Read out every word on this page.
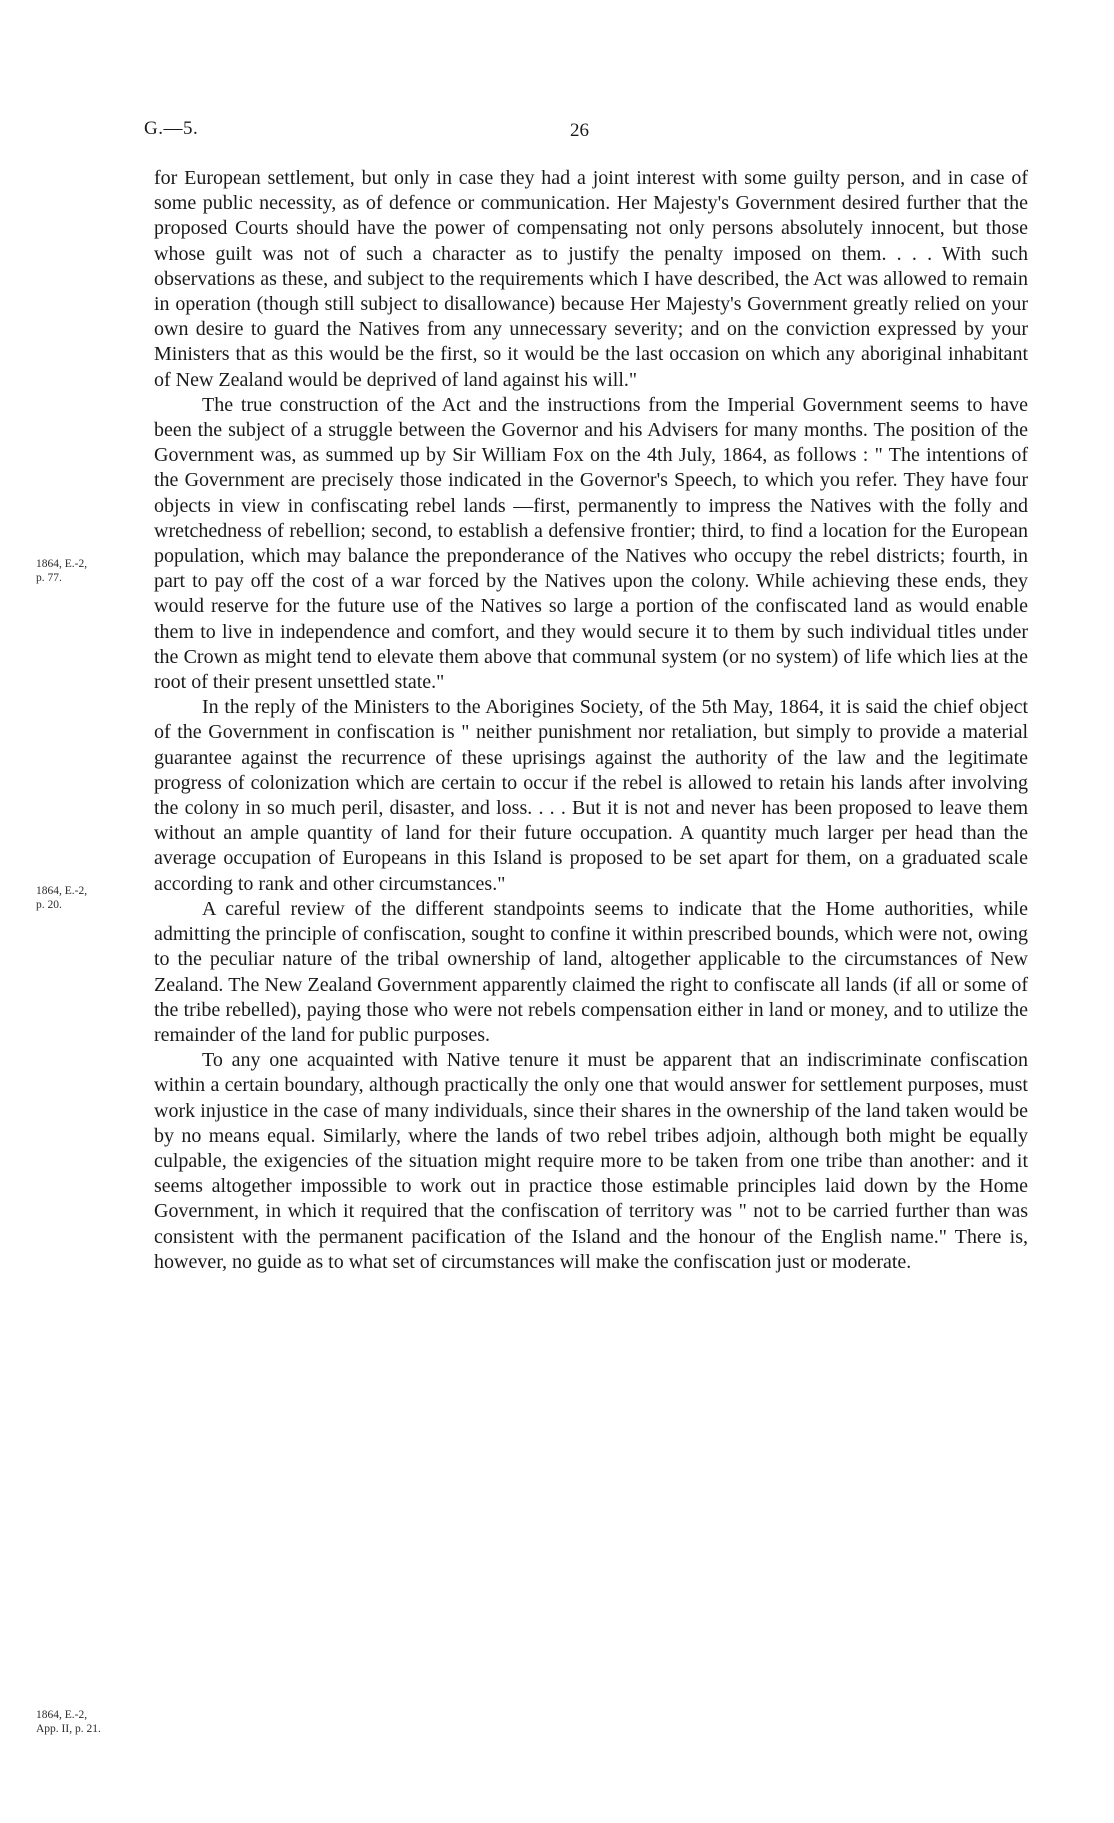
G.—5.	26
1864, E.-2,
p. 77.
1864, E.-2,
p. 20.
1864, E.-2,
App. II, p. 21.

for European settlement, but only in case they had a joint interest with some guilty person, and in case of some public necessity, as of defence or communication. Her Majesty's Government desired further that the proposed Courts should have the power of compensating not only persons absolutely innocent, but those whose guilt was not of such a character as to justify the penalty imposed on them. . . . With such observations as these, and subject to the requirements which I have described, the Act was allowed to remain in operation (though still subject to disallowance) because Her Majesty's Government greatly relied on your own desire to guard the Natives from any unnecessary severity; and on the conviction expressed by your Ministers that as this would be the first, so it would be the last occasion on which any aboriginal inhabitant of New Zealand would be deprived of land against his will."

The true construction of the Act and the instructions from the Imperial Government seems to have been the subject of a struggle between the Governor and his Advisers for many months. The position of the Government was, as summed up by Sir William Fox on the 4th July, 1864, as follows : " The intentions of the Government are precisely those indicated in the Governor's Speech, to which you refer. They have four objects in view in confiscating rebel lands —first, permanently to impress the Natives with the folly and wretchedness of rebellion; second, to establish a defensive frontier; third, to find a location for the European population, which may balance the preponderance of the Natives who occupy the rebel districts; fourth, in part to pay off the cost of a war forced by the Natives upon the colony. While achieving these ends, they would reserve for the future use of the Natives so large a portion of the confiscated land as would enable them to live in independence and comfort, and they would secure it to them by such individual titles under the Crown as might tend to elevate them above that communal system (or no system) of life which lies at the root of their present unsettled state."

In the reply of the Ministers to the Aborigines Society, of the 5th May, 1864, it is said the chief object of the Government in confiscation is " neither punishment nor retaliation, but simply to provide a material guarantee against the recurrence of these uprisings against the authority of the law and the legitimate progress of colonization which are certain to occur if the rebel is allowed to retain his lands after involving the colony in so much peril, disaster, and loss. . . . But it is not and never has been proposed to leave them without an ample quantity of land for their future occupation. A quantity much larger per head than the average occupation of Europeans in this Island is proposed to be set apart for them, on a graduated scale according to rank and other circumstances."

A careful review of the different standpoints seems to indicate that the Home authorities, while admitting the principle of confiscation, sought to confine it within prescribed bounds, which were not, owing to the peculiar nature of the tribal ownership of land, altogether applicable to the circumstances of New Zealand. The New Zealand Government apparently claimed the right to confiscate all lands (if all or some of the tribe rebelled), paying those who were not rebels compensation either in land or money, and to utilize the remainder of the land for public purposes.

To any one acquainted with Native tenure it must be apparent that an indiscriminate confiscation within a certain boundary, although practically the only one that would answer for settlement purposes, must work injustice in the case of many individuals, since their shares in the ownership of the land taken would be by no means equal. Similarly, where the lands of two rebel tribes adjoin, although both might be equally culpable, the exigencies of the situation might require more to be taken from one tribe than another: and it seems altogether impossible to work out in practice those estimable principles laid down by the Home Government, in which it required that the confiscation of territory was " not to be carried further than was consistent with the permanent pacification of the Island and the honour of the English name." There is, however, no guide as to what set of circumstances will make the confiscation just or moderate.
